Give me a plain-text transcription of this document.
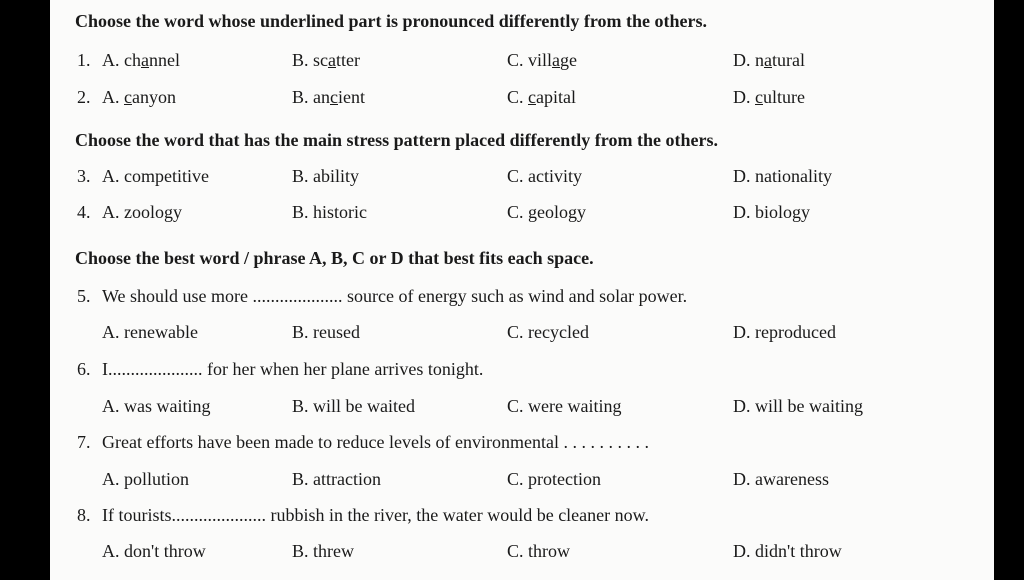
Choose the word whose underlined part is pronounced differently from the others.
1. A. channel	B. scatter	C. village	D. natural
2. A. canyon	B. ancient	C. capital	D. culture
Choose the word that has the main stress pattern placed differently from the others.
3. A. competitive	B. ability	C. activity	D. nationality
4. A. zoology	B. historic	C. geology	D. biology
Choose the best word / phrase A, B, C or D that best fits each space.
5. We should use more .................... source of energy such as wind and solar power.
A. renewable	B. reused	C. recycled	D. reproduced
6. I..................... for her when her plane arrives tonight.
A. was waiting	B. will be waited	C. were waiting	D. will be waiting
7. Great efforts have been made to reduce levels of environmental . . . . . . . . . .
A. pollution	B. attraction	C. protection	D. awareness
8. If tourists..................... rubbish in the river, the water would be cleaner now.
A. don't throw	B. threw	C. throw	D. didn't throw
